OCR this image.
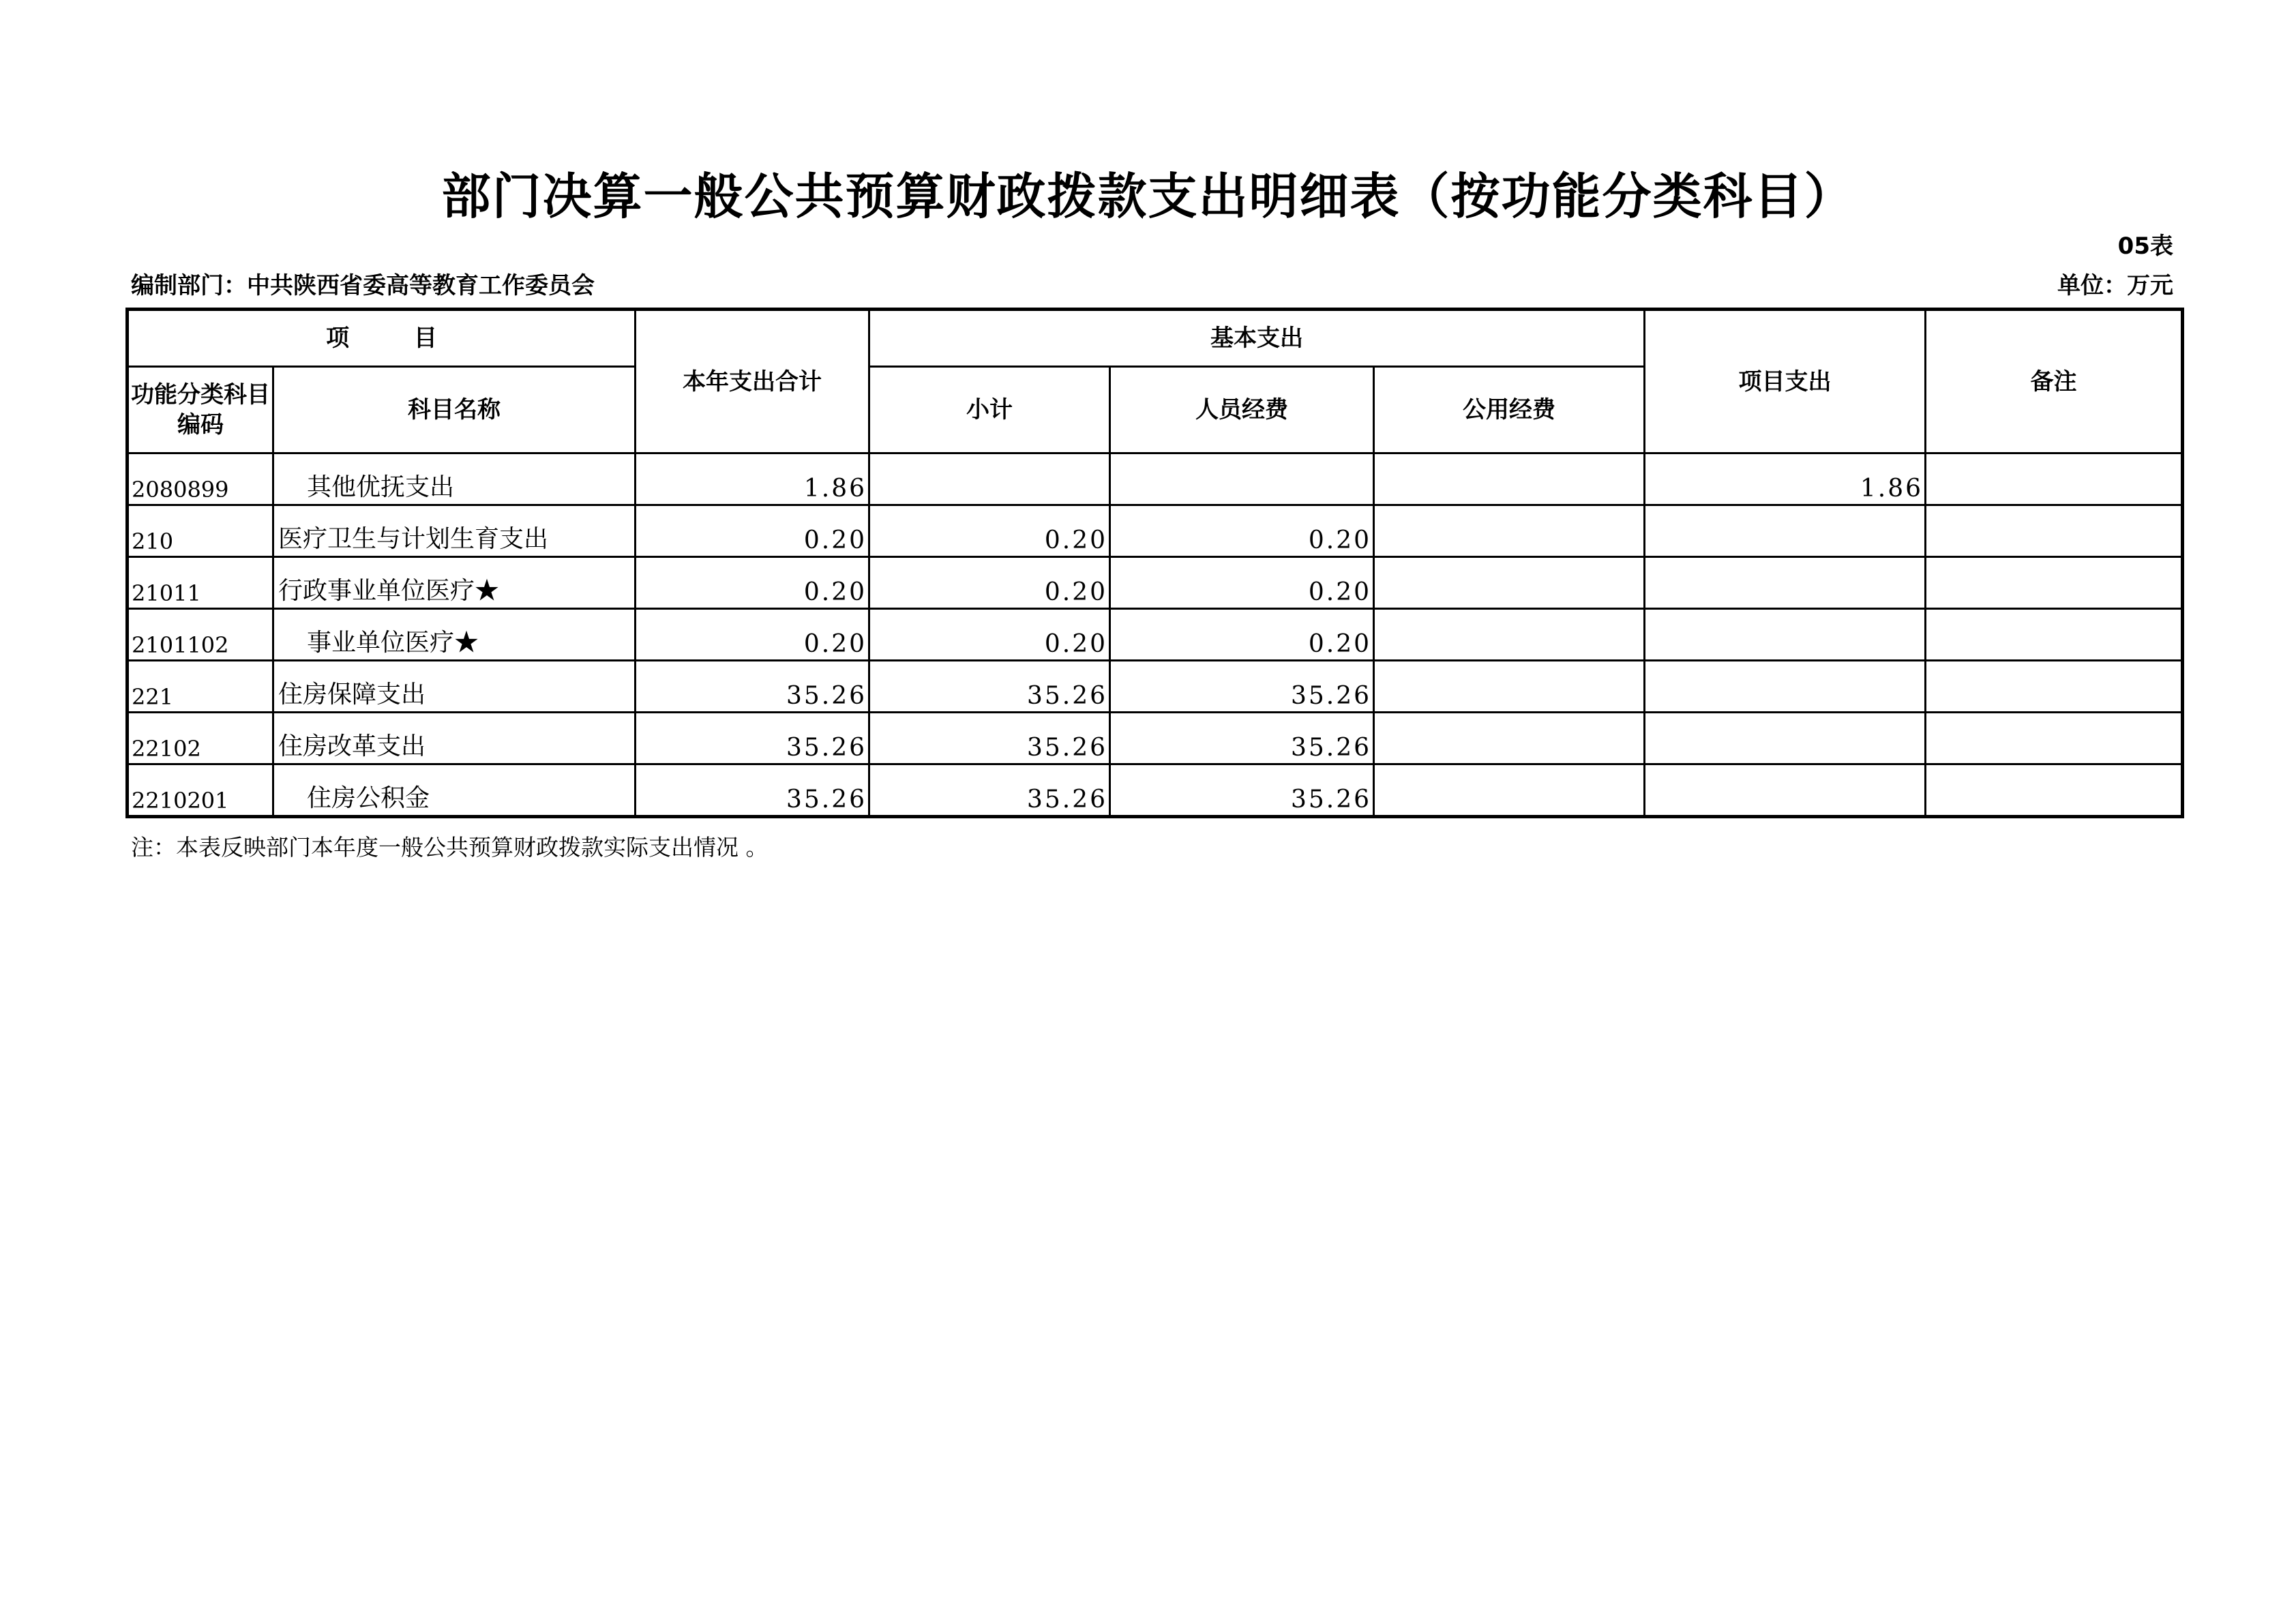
部门决算一般公共预算财政拨款支出明细表（按功能分类科目）
05表
编制部门：中共陕西省委高等教育工作委员会	单位：万元
项        目		本年支出合计	基本支出			项目支出	备注
功能分类科目编码	科目名称		小计	人员经费	公用经费		
2080899	其他优抚支出	1.86				1.86	
210	医疗卫生与计划生育支出	0.20	0.20	0.20			
21011	行政事业单位医疗★	0.20	0.20	0.20			
2101102	事业单位医疗★	0.20	0.20	0.20			
221	住房保障支出	35.26	35.26	35.26			
22102	住房改革支出	35.26	35.26	35.26			
2210201	住房公积金	35.26	35.26	35.26			
注：本表反映部门本年度一般公共预算财政拨款实际支出情况 。
